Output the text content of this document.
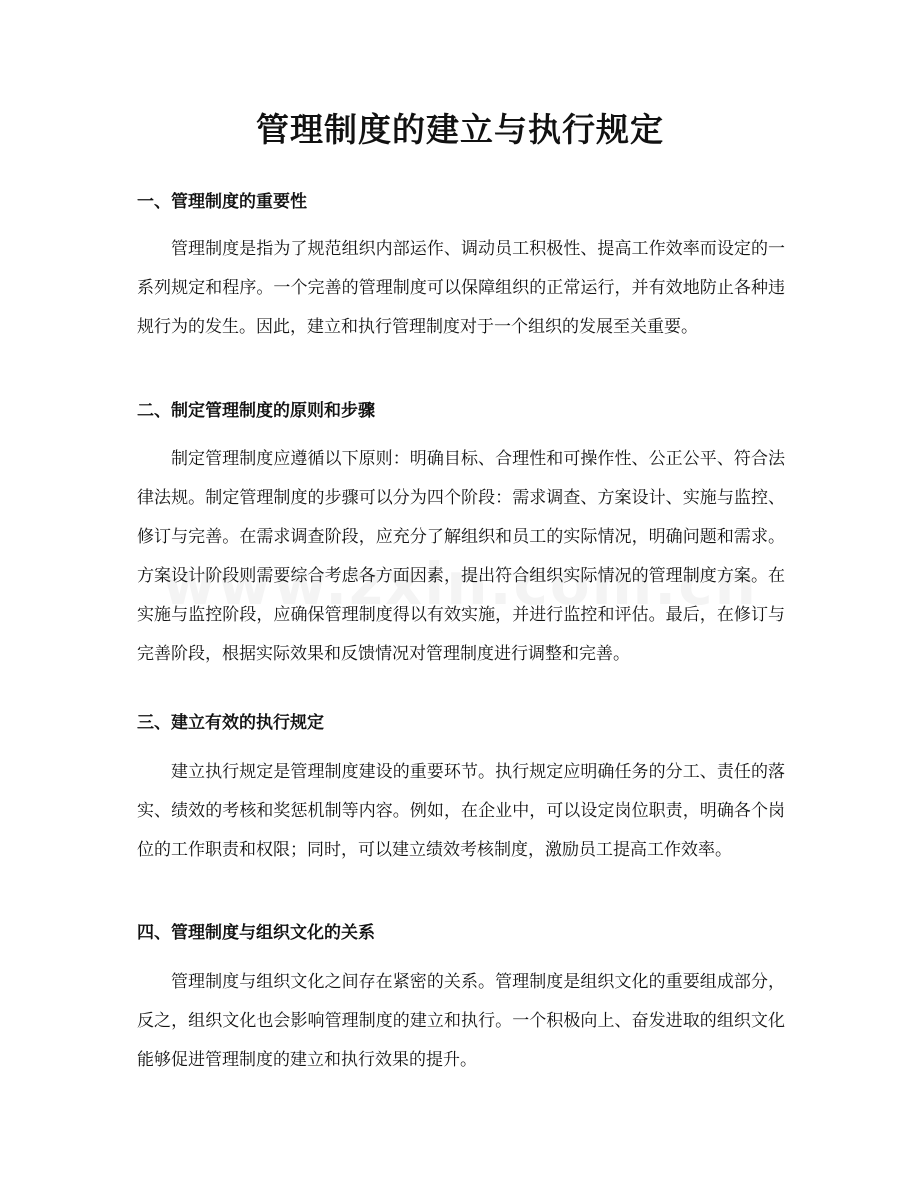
管理制度的建立与执行规定
一、管理制度的重要性

管理制度是指为了规范组织内部运作、调动员工积极性、提高工作效率而设定的一系列规定和程序。一个完善的管理制度可以保障组织的正常运行，并有效地防止各种违规行为的发生。因此，建立和执行管理制度对于一个组织的发展至关重要。

二、制定管理制度的原则和步骤

制定管理制度应遵循以下原则：明确目标、合理性和可操作性、公正公平、符合法律法规。制定管理制度的步骤可以分为四个阶段：需求调查、方案设计、实施与监控、修订与完善。在需求调查阶段，应充分了解组织和员工的实际情况，明确问题和需求。方案设计阶段则需要综合考虑各方面因素，提出符合组织实际情况的管理制度方案。在实施与监控阶段，应确保管理制度得以有效实施，并进行监控和评估。最后，在修订与完善阶段，根据实际效果和反馈情况对管理制度进行调整和完善。

三、建立有效的执行规定

建立执行规定是管理制度建设的重要环节。执行规定应明确任务的分工、责任的落实、绩效的考核和奖惩机制等内容。例如，在企业中，可以设定岗位职责，明确各个岗位的工作职责和权限；同时，可以建立绩效考核制度，激励员工提高工作效率。

四、管理制度与组织文化的关系

管理制度与组织文化之间存在紧密的关系。管理制度是组织文化的重要组成部分，反之，组织文化也会影响管理制度的建立和执行。一个积极向上、奋发进取的组织文化能够促进管理制度的建立和执行效果的提升。
